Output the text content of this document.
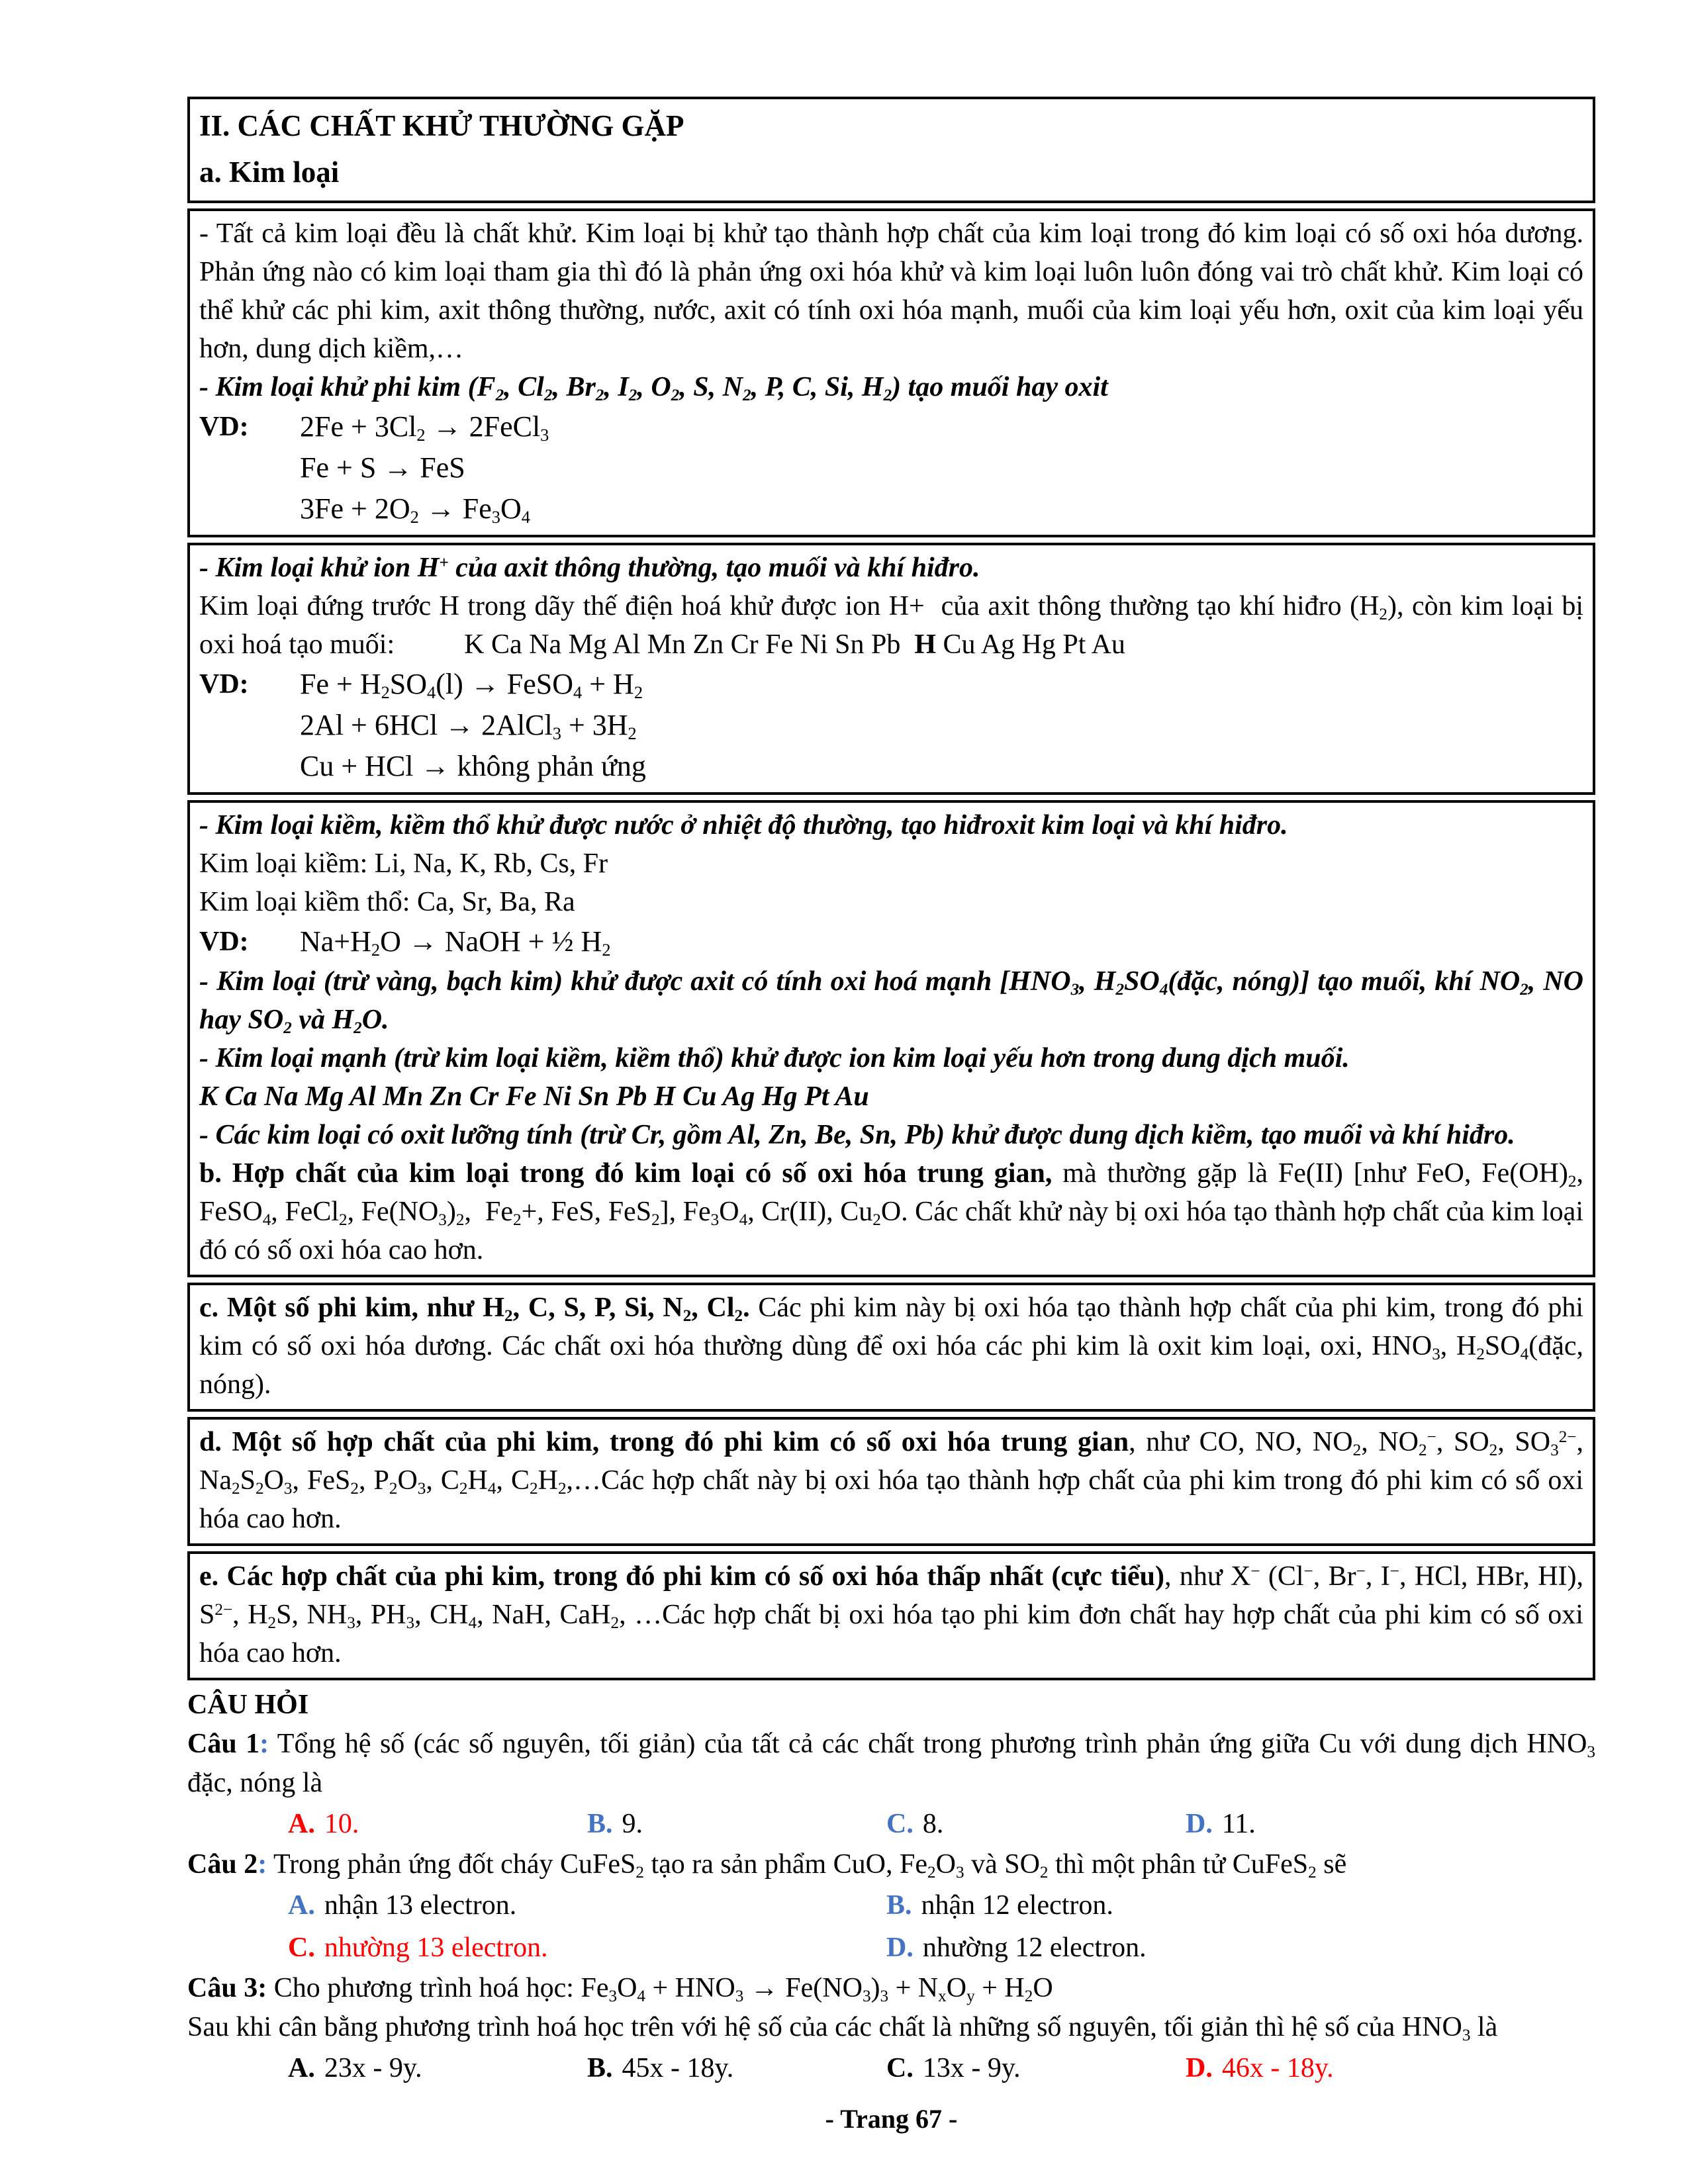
II. CÁC CHẤT KHỬ THƯỜNG GẶP

a. Kim loại

- Tất cả kim loại đều là chất khử. Kim loại bị khử tạo thành hợp chất của kim loại trong đó kim loại có số oxi hóa dương. Phản ứng nào có kim loại tham gia thì đó là phản ứng oxi hóa khử và kim loại luôn luôn đóng vai trò chất khử. Kim loại có thể khử các phi kim, axit thông thường, nước, axit có tính oxi hóa mạnh, muối của kim loại yếu hơn, oxit của kim loại yếu hơn, dung dịch kiềm,…

- Kim loại khử phi kim ($F_2$, $Cl_2$, $Br_2$, $I_2$, $O_2$, S, $N_2$, P, C, Si, $H_2$) tạo muối hay oxit

VD:	$2Fe + 3Cl_2$ → 2FeCl$_3$

Fe + S → FeS

$3Fe + 2O_2 \to Fe_3O_4$

- Kim loại khử ion H+ của axit thông thường, tạo muối và khí hiđro.

Kim loại đứng trước H trong dãy thế điện hoá khử được ion H+  của axit thông thường tạo khí hiđro $(H_2)$, còn kim loại bị oxi hoá tạo muối:          K Ca Na Mg Al Mn Zn Cr Fe Ni Sn Pb  H Cu Ag Hg Pt Au

VD:	$Fe + H_2SO_4(l)$ → FeSO$_4$ + $H_2$

2Al + 6HCl → 2AlCl$_3$ + $3H_2$

Cu + HCl → không phản ứng

- Kim loại kiềm, kiềm thổ khử được nước ở nhiệt độ thường, tạo hiđroxit kim loại và khí hiđro.

Kim loại kiềm: Li, Na, K, Rb, Cs, Fr

Kim loại kiềm thổ: Ca, Sr, Ba, Ra

VD:	$Na+H_2O$ → NaOH + ½ $H_2$

- Kim loại (trừ vàng, bạch kim) khử được axit có tính oxi hoá mạnh [$HNO_3$, $H_2SO_4(đặc$, nóng)] tạo muối, khí $NO_2$, NO hay $SO_2$ và $H_2O$.

- Kim loại mạnh (trừ kim loại kiềm, kiềm thổ) khử được ion kim loại yếu hơn trong dung dịch muối.

K Ca Na Mg Al Mn Zn Cr Fe Ni Sn Pb H Cu Ag Hg Pt Au

- Các kim loại có oxit lưỡng tính (trừ Cr, gồm Al, Zn, Be, Sn, Pb) khử được dung dịch kiềm, tạo muối và khí hiđro.

b. Hợp chất của kim loại trong đó kim loại có số oxi hóa trung gian, mà thường gặp là Fe(II) [như FeO, $Fe(OH)_2$, FeSO$_4$, FeCl$_2$, $Fe(NO_3)_2$,  $Fe_2+$, FeS, FeS$_2$], $Fe_3O_4$, Cr(II), $Cu_2O$. Các chất khử này bị oxi hóa tạo thành hợp chất của kim loại đó có số oxi hóa cao hơn.

c. Một số phi kim, như $H_2$, C, S, P, Si, $N_2$, $Cl_2$. Các phi kim này bị oxi hóa tạo thành hợp chất của phi kim, trong đó phi kim có số oxi hóa dương. Các chất oxi hóa thường dùng để oxi hóa các phi kim là oxit kim loại, oxi, $HNO_3$, $H_2SO_4(đặc$, nóng).

d. Một số hợp chất của phi kim, trong đó phi kim có số oxi hóa trung gian, như CO, NO, $NO_2$, $NO_2^-$, $SO_2$, $SO_3^{2-}$, $Na_2S_2O_3$, FeS$_2$, $P_2O_3$, $C_2H_4$, $C_2H_2,\dots Các$ hợp chất này bị oxi hóa tạo thành hợp chất của phi kim trong đó phi kim có số oxi hóa cao hơn.

e. Các hợp chất của phi kim, trong đó phi kim có số oxi hóa thấp nhất (cực tiểu), như X− (Cl−, Br−, I−, HCl, HBr, HI), $S^{2-}$, $H_2S$, $NH_3$, $PH_3$, $CH_4$, NaH, CaH$_2$, …Các hợp chất bị oxi hóa tạo phi kim đơn chất hay hợp chất của phi kim có số oxi hóa cao hơn.

CÂU HỎI

Câu 1: Tổng hệ số (các số nguyên, tối giản) của tất cả các chất trong phương trình phản ứng giữa Cu với dung dịch $HNO_3$ đặc, nóng là

A. 10.	B. 9.	C. 8.	D. 11.

Câu 2: Trong phản ứng đốt cháy CuFeS$_2$ tạo ra sản phẩm CuO, $Fe_2O_3$ và $SO_2$ thì một phân tử CuFeS$_2$ sẽ

A. nhận 13 electron.	B. nhận 12 electron.
C. nhường 13 electron.	D. nhường 12 electron.

Câu 3: Cho phương trình hoá học: $Fe_3O_4 + HNO_3 \to Fe(NO_3)_3 + N_xO_y + H_2O$

Sau khi cân bằng phương trình hoá học trên với hệ số của các chất là những số nguyên, tối giản thì hệ số của $HNO_3$ là

A. 23x - 9y.	B. 45x - 18y.	C. 13x - 9y.	D. 46x - 18y.

- Trang 67 -
